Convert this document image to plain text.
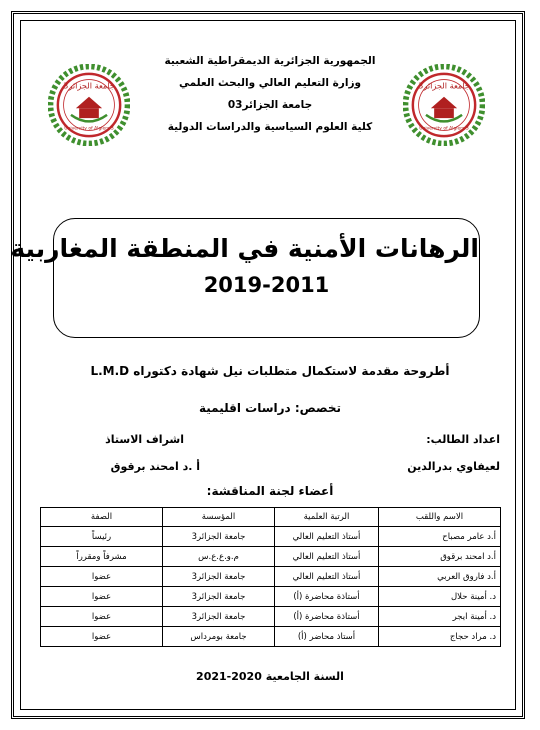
الجمهورية الجزائرية الديمقراطية الشعبية
وزارة التعليم العالي والبحث العلمي
جامعة الجزائر03
كلية العلوم السياسية والدراسات الدولية
جامعة الجزائر3
University of Algiers 3
جامعة الجزائر3
University of Algiers 3
الرهانات الأمنية في المنطقة المغاربية
2019-2011
أطروحة مقدمة لاستكمال متطلبات نيل شهادة دكتوراه L.M.D
تخصص: دراسات اقليمية
اعداد الطالب:
اشراف الاستاذ
لعيفاوي بدرالدين
أ .د امحند برقوق
أعضاء لجنة المناقشة:
الاسم واللقب	الرتبة العلمية	المؤسسة	الصفة
أ.د عامر مصباح	أستاذ التعليم العالي	جامعة الجزائر3	رئيساً
أ.د امحند برقوق	أستاذ التعليم العالي	م.و.ع.ع.س	مشرفاً ومقرراً
أ.د فاروق العربي	أستاذ التعليم العالي	جامعة الجزائر3	عضوا
د. أمينة حلال	أستاذة محاضرة (أ)	جامعة الجزائر3	عضوا
د. أمينة ايجر	أستاذة محاضرة (أ)	جامعة الجزائر3	عضوا
د. مراد حجاج	أستاذ محاضر (أ)	جامعة بومرداس	عضوا
السنة الجامعية 2020-2021
